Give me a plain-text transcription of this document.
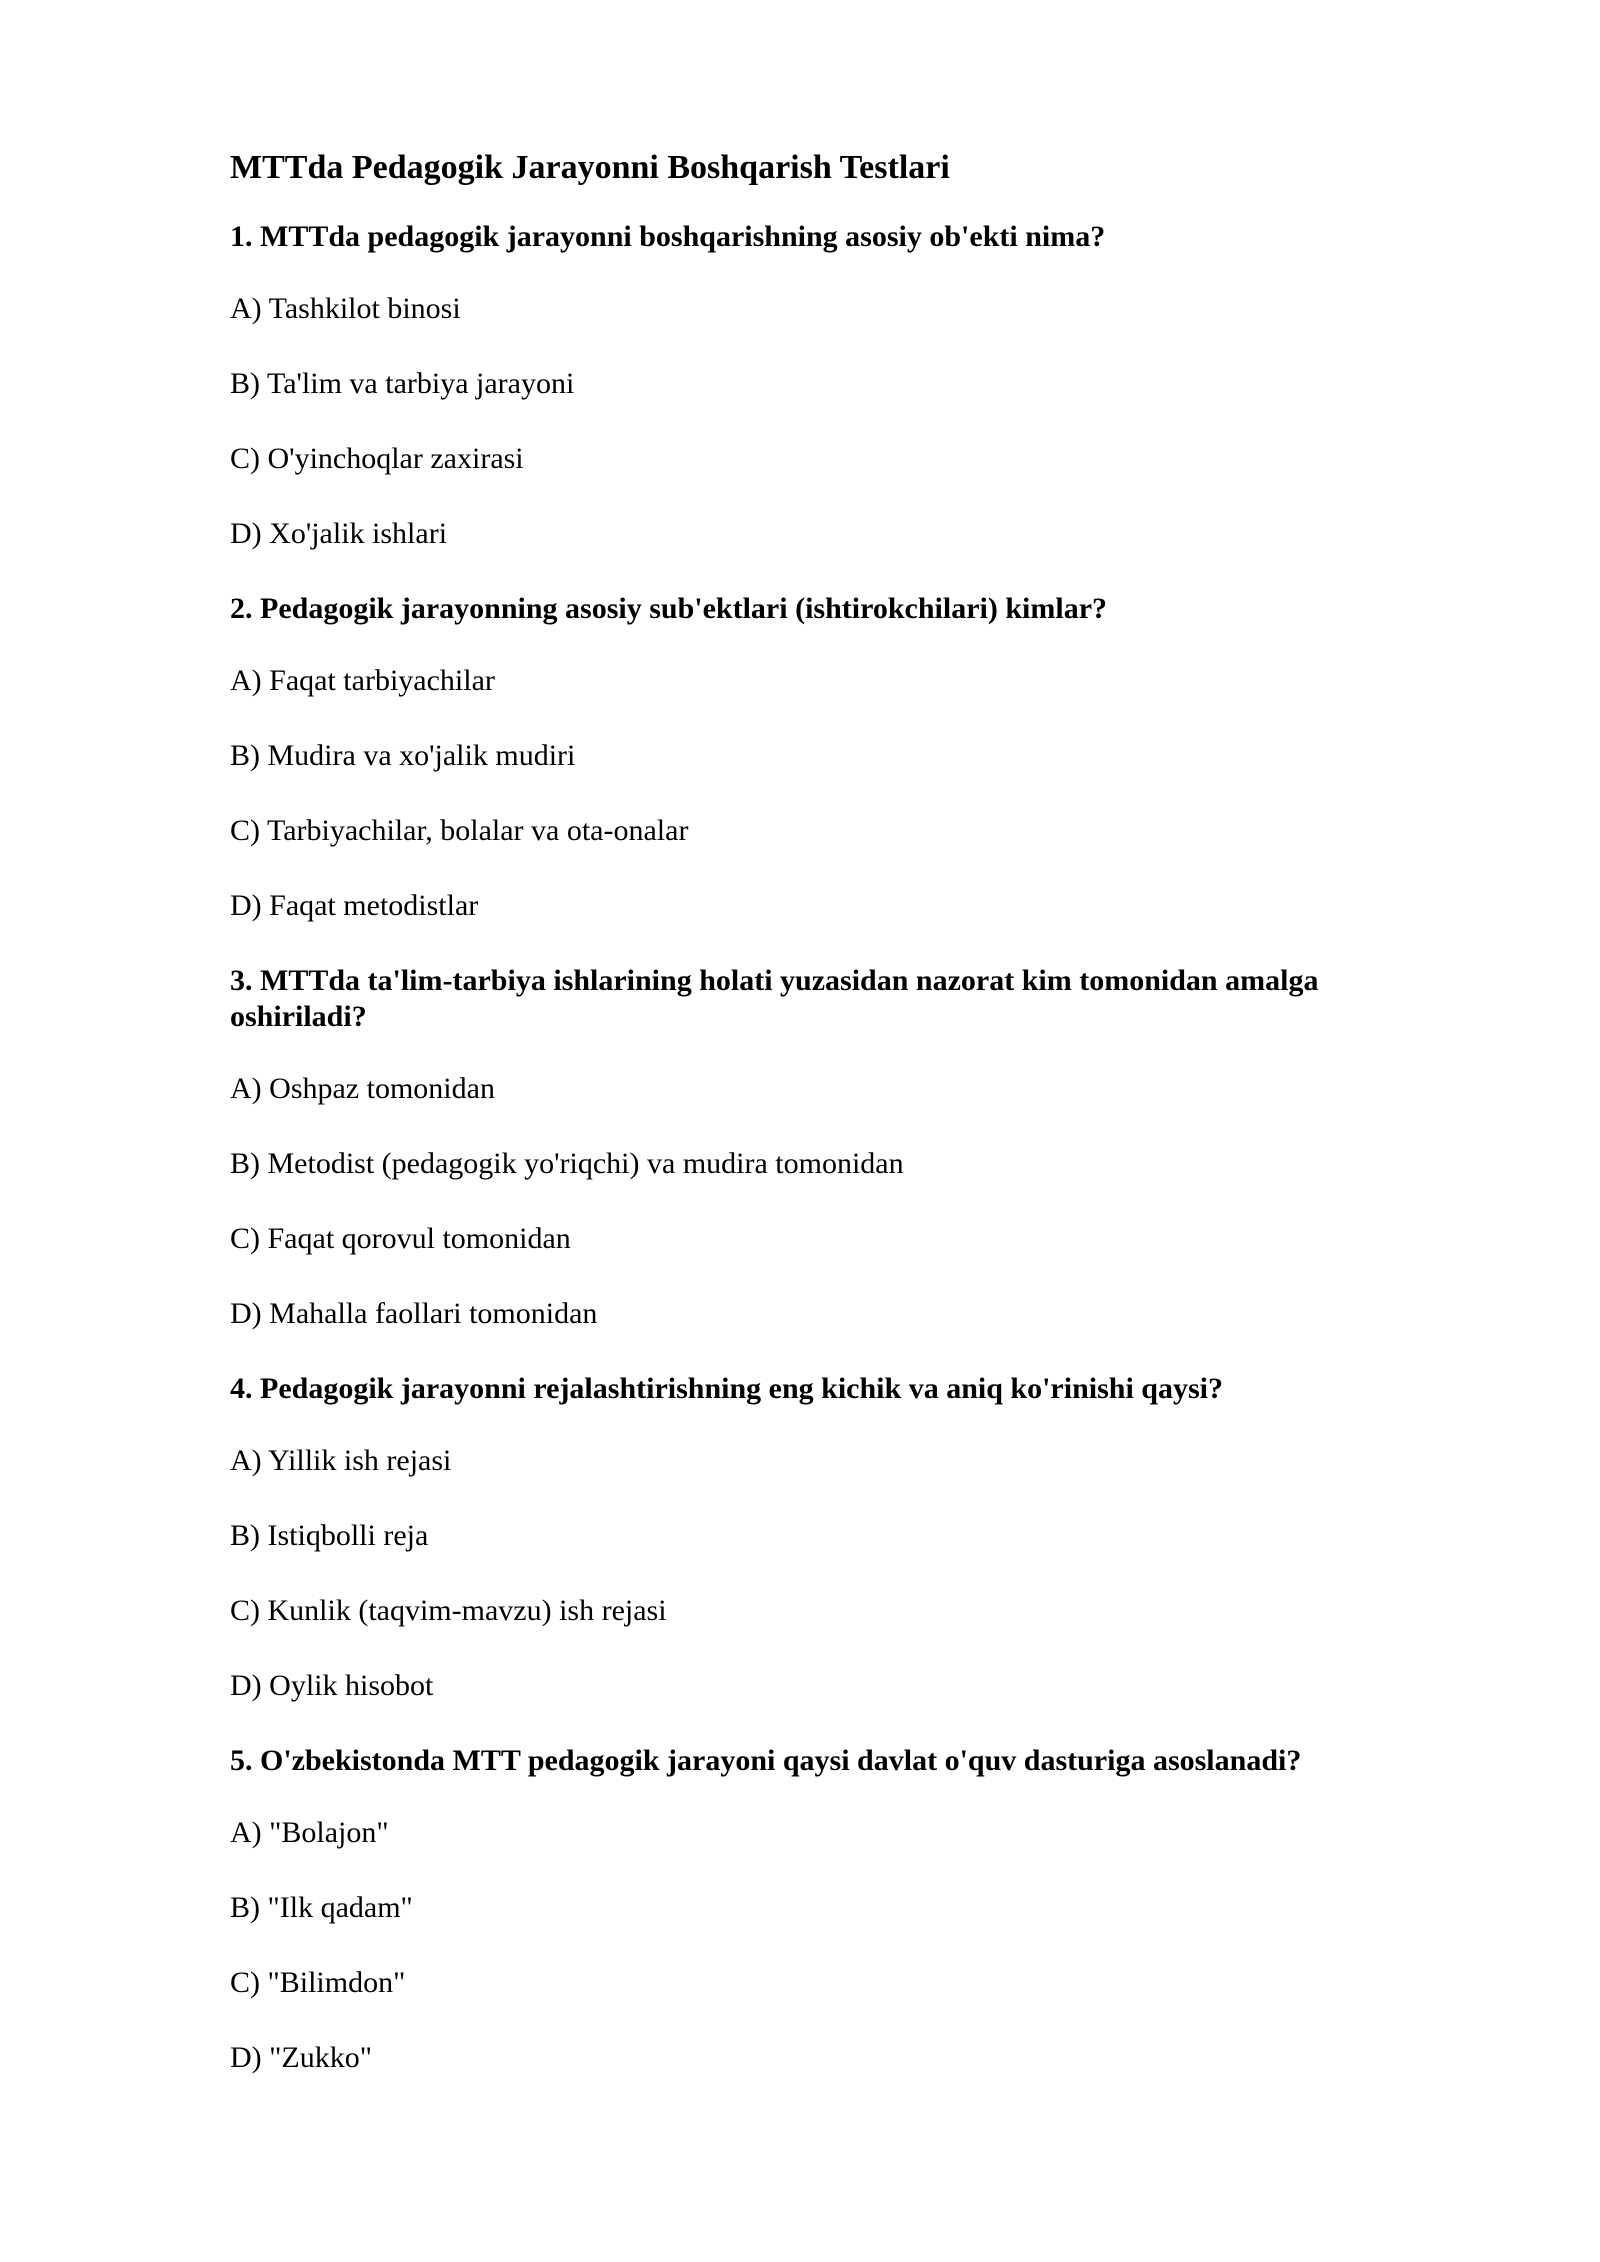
MTTda Pedagogik Jarayonni Boshqarish Testlari

1. MTTda pedagogik jarayonni boshqarishning asosiy ob'ekti nima?

A) Tashkilot binosi

B) Ta'lim va tarbiya jarayoni

C) O'yinchoqlar zaxirasi

D) Xo'jalik ishlari

2. Pedagogik jarayonning asosiy sub'ektlari (ishtirokchilari) kimlar?

A) Faqat tarbiyachilar

B) Mudira va xo'jalik mudiri

C) Tarbiyachilar, bolalar va ota-onalar

D) Faqat metodistlar

3. MTTda ta'lim-tarbiya ishlarining holati yuzasidan nazorat kim tomonidan amalga oshiriladi?

A) Oshpaz tomonidan

B) Metodist (pedagogik yo'riqchi) va mudira tomonidan

C) Faqat qorovul tomonidan

D) Mahalla faollari tomonidan

4. Pedagogik jarayonni rejalashtirishning eng kichik va aniq ko'rinishi qaysi?

A) Yillik ish rejasi

B) Istiqbolli reja

C) Kunlik (taqvim-mavzu) ish rejasi

D) Oylik hisobot

5. O'zbekistonda MTT pedagogik jarayoni qaysi davlat o'quv dasturiga asoslanadi?

A) "Bolajon"

B) "Ilk qadam"

C) "Bilimdon"

D) "Zukko"
